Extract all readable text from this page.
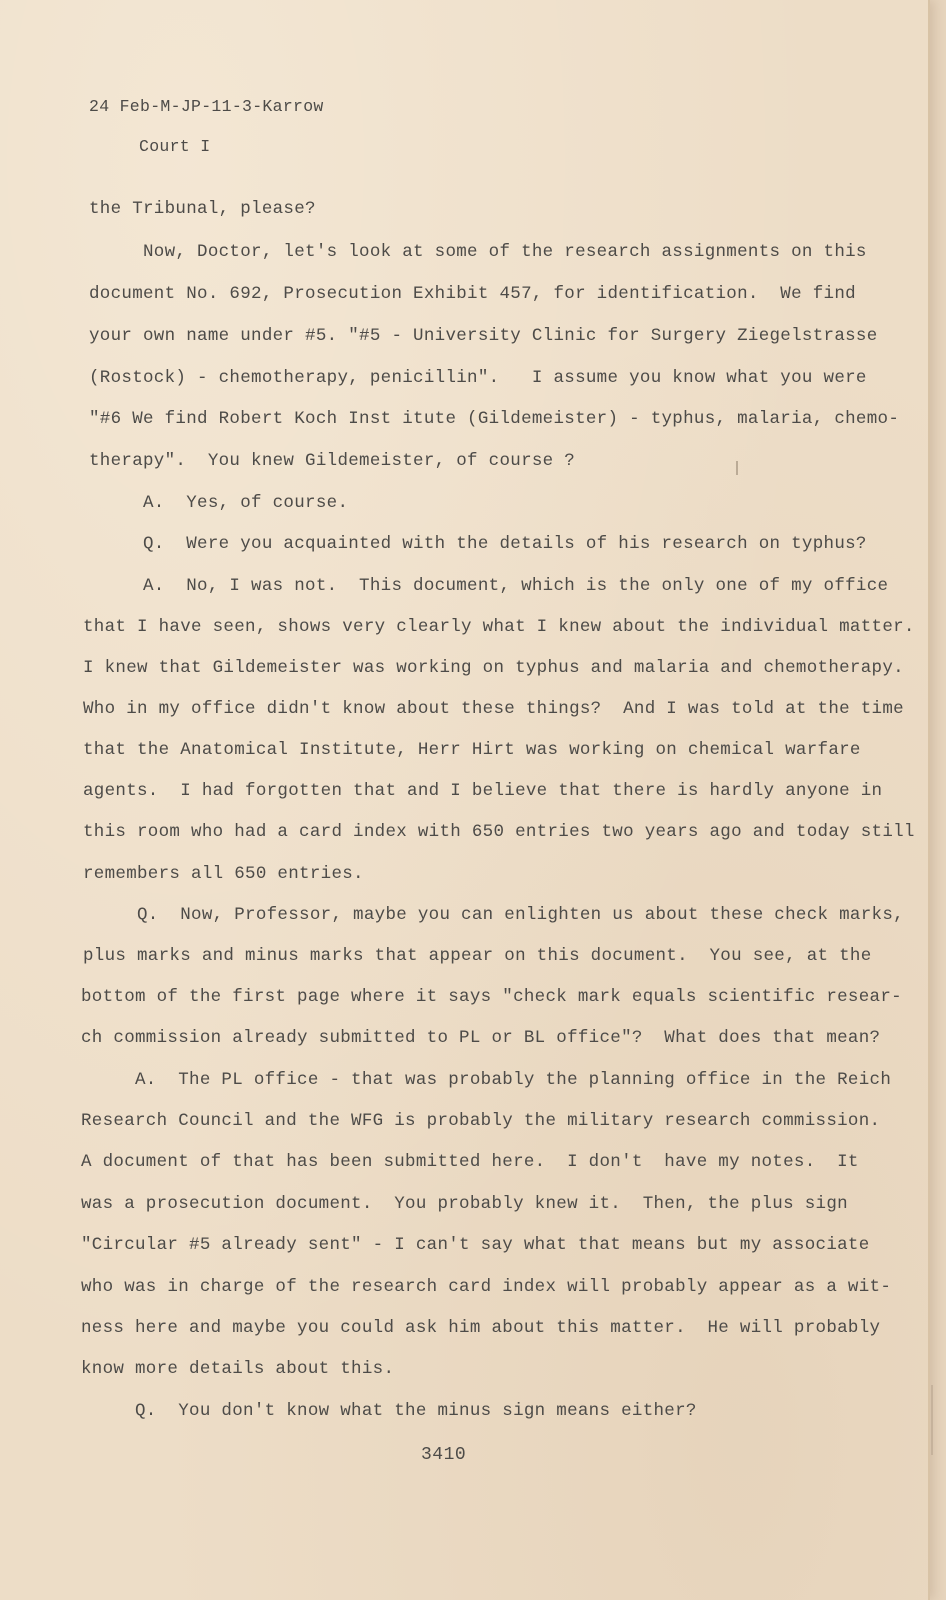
24 Feb-M-JP-11-3-Karrow

Court I

the Tribunal, please?

Now, Doctor, let's look at some of the research assignments on this

document No. 692, Prosecution Exhibit 457, for identification.  We find

your own name under #5. "#5 - University Clinic for Surgery Ziegelstrasse

(Rostock) - chemotherapy, penicillin".   I assume you know what you were

"#6 We find Robert Koch Inst itute (Gildemeister) - typhus, malaria, chemo-

therapy".  You knew Gildemeister, of course ?

A.  Yes, of course.

Q.  Were you acquainted with the details of his research on typhus?

A.  No, I was not.  This document, which is the only one of my office

that I have seen, shows very clearly what I knew about the individual matter.

I knew that Gildemeister was working on typhus and malaria and chemotherapy.

Who in my office didn't know about these things?  And I was told at the time

that the Anatomical Institute, Herr Hirt was working on chemical warfare

agents.  I had forgotten that and I believe that there is hardly anyone in

this room who had a card index with 650 entries two years ago and today still

remembers all 650 entries.

Q.  Now, Professor, maybe you can enlighten us about these check marks,

plus marks and minus marks that appear on this document.  You see, at the

bottom of the first page where it says "check mark equals scientific resear-

ch commission already submitted to PL or BL office"?  What does that mean?

A.  The PL office - that was probably the planning office in the Reich

Research Council and the WFG is probably the military research commission.

A document of that has been submitted here.  I don't  have my notes.  It

was a prosecution document.  You probably knew it.  Then, the plus sign

"Circular #5 already sent" - I can't say what that means but my associate

who was in charge of the research card index will probably appear as a wit-

ness here and maybe you could ask him about this matter.  He will probably

know more details about this.

Q.  You don't know what the minus sign means either?

3410
